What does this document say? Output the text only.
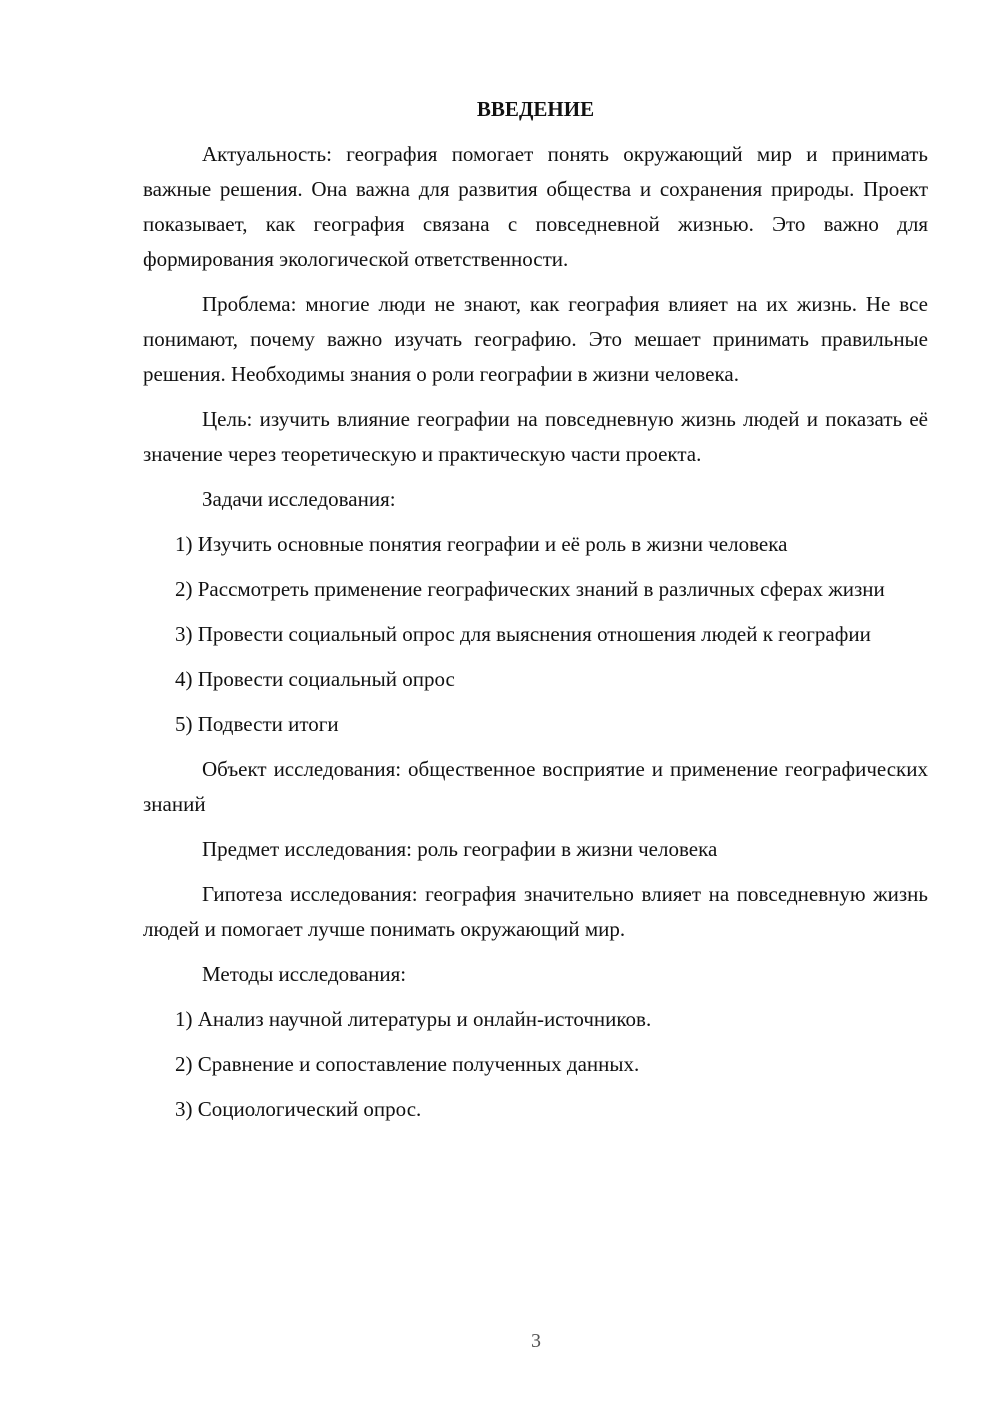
ВВЕДЕНИЕ

Актуальность: география помогает понять окружающий мир и принимать важные решения. Она важна для развития общества и сохранения природы. Проект показывает, как география связана с повседневной жизнью. Это важно для формирования экологической ответственности.

Проблема: многие люди не знают, как география влияет на их жизнь. Не все понимают, почему важно изучать географию. Это мешает принимать правильные решения. Необходимы знания о роли географии в жизни человека.

Цель: изучить влияние географии на повседневную жизнь людей и показать её значение через теоретическую и практическую части проекта.

Задачи исследования:

1) Изучить основные понятия географии и её роль в жизни человека

2) Рассмотреть применение географических знаний в различных сферах жизни

3) Провести социальный опрос для выяснения отношения людей к географии

4) Провести социальный опрос

5) Подвести итоги

Объект исследования: общественное восприятие и применение географических знаний

Предмет исследования: роль географии в жизни человека

Гипотеза исследования: география значительно влияет на повседневную жизнь людей и помогает лучше понимать окружающий мир.

Методы исследования:

1) Анализ научной литературы и онлайн-источников.

2) Сравнение и сопоставление полученных данных.

3) Социологический опрос.

3
